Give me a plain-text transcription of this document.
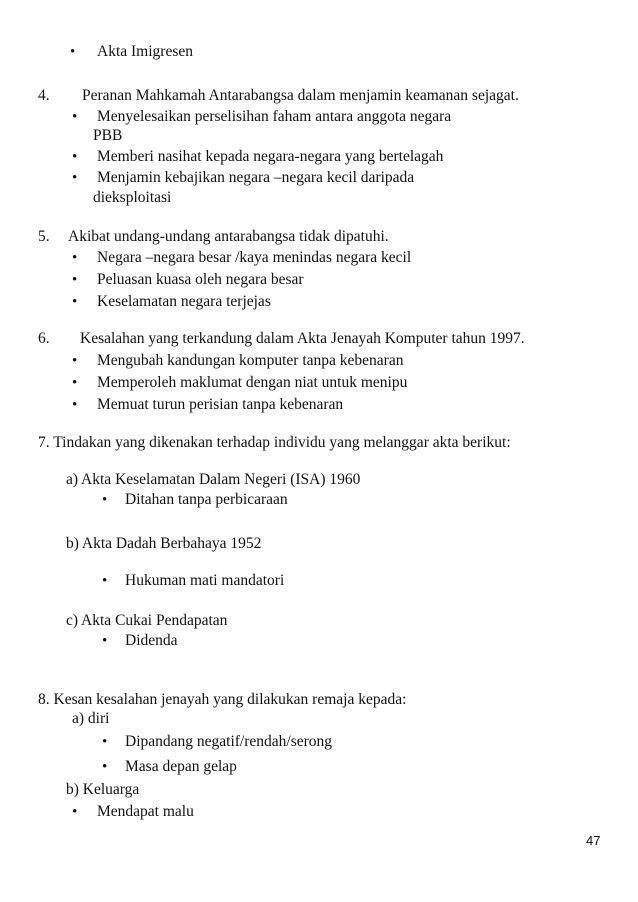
• Akta Imigresen
4. Peranan Mahkamah Antarabangsa dalam menjamin keamanan sejagat.
• Menyelesaikan perselisihan faham antara anggota negara
PBB
• Memberi nasihat kepada negara-negara yang bertelagah
• Menjamin kebajikan negara –negara kecil daripada
dieksploitasi
5. Akibat undang-undang antarabangsa tidak dipatuhi.
• Negara –negara besar /kaya menindas negara kecil
• Peluasan kuasa oleh negara besar
• Keselamatan negara terjejas
6. Kesalahan yang terkandung dalam Akta Jenayah Komputer tahun 1997.
• Mengubah kandungan komputer tanpa kebenaran
• Memperoleh maklumat dengan niat untuk menipu
• Memuat turun perisian tanpa kebenaran
7. Tindakan yang dikenakan terhadap individu yang melanggar akta berikut:
a) Akta Keselamatan Dalam Negeri (ISA) 1960
• Ditahan tanpa perbicaraan
b) Akta Dadah Berbahaya 1952
• Hukuman mati mandatori
c) Akta Cukai Pendapatan
• Didenda
8. Kesan kesalahan jenayah yang dilakukan remaja kepada:
a) diri
• Dipandang negatif/rendah/serong
• Masa depan gelap
b) Keluarga
• Mendapat malu
47
